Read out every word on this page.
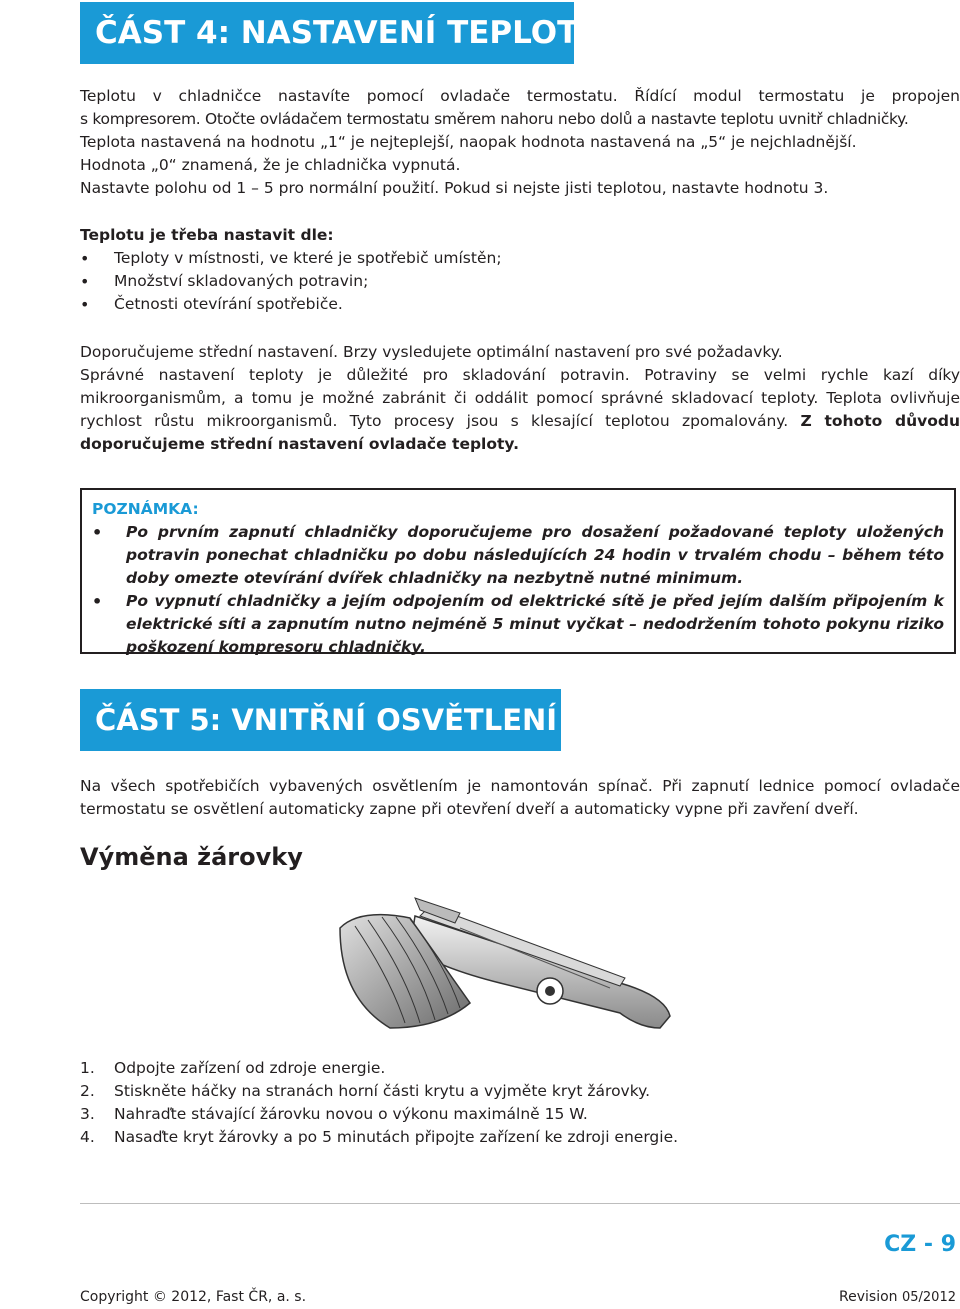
ČÁST 4: NASTAVENÍ TEPLOTY

Teplotu v chladničce nastavíte pomocí ovladače termostatu. Řídící modul termostatu je propojen

s kompresorem. Otočte ovládačem termostatu směrem nahoru nebo dolů a nastavte teplotu uvnitř chladničky.

Teplota nastavená na hodnotu „1“ je nejteplejší, naopak hodnota nastavená na „5“ je nejchladnější.

Hodnota „0“ znamená, že je chladnička vypnutá.

Nastavte polohu od 1 – 5 pro normální použití. Pokud si nejste jisti teplotou, nastavte hodnotu 3.

Teplotu je třeba nastavit dle:

• Teploty v místnosti, ve které je spotřebič umístěn;
• Množství skladovaných potravin;
• Četnosti otevírání spotřebiče.

Doporučujeme střední nastavení. Brzy vysledujete optimální nastavení pro své požadavky.

Správné nastavení teploty je důležité pro skladování potravin. Potraviny se velmi rychle kazí díky mikroorganismům, a tomu je možné zabránit či oddálit pomocí správné skladovací teploty. Teplota ovlivňuje rychlost růstu mikroorganismů. Tyto procesy jsou s klesající teplotou zpomalovány. Z tohoto důvodu doporučujeme střední nastavení ovladače teploty.

POZNÁMKA:
• Po prvním zapnutí chladničky doporučujeme pro dosažení požadované teploty uložených potravin ponechat chladničku po dobu následujících 24 hodin v trvalém chodu – během této doby omezte otevírání dvířek chladničky na nezbytně nutné minimum.
• Po vypnutí chladničky a jejím odpojením od elektrické sítě je před jejím dalším připojením k elektrické síti a zapnutím nutno nejméně 5 minut vyčkat – nedodržením tohoto pokynu riziko poškození kompresoru chladničky.
ČÁST 5: VNITŘNÍ OSVĚTLENÍ

Na všech spotřebičích vybavených osvětlením je namontován spínač. Při zapnutí lednice pomocí ovladače termostatu se osvětlení automaticky zapne při otevření dveří a automaticky vypne při zavření dveří.

Výměna žárovky
1. Odpojte zařízení od zdroje energie.
2. Stiskněte háčky na stranách horní části krytu a vyjměte kryt žárovky.
3. Nahraďte stávající žárovku novou o výkonu maximálně 15 W.
4. Nasaďte kryt žárovky a po 5 minutách připojte zařízení ke zdroji energie.
CZ - 9
Copyright © 2012, Fast ČR, a. s.	Revision 05/2012
